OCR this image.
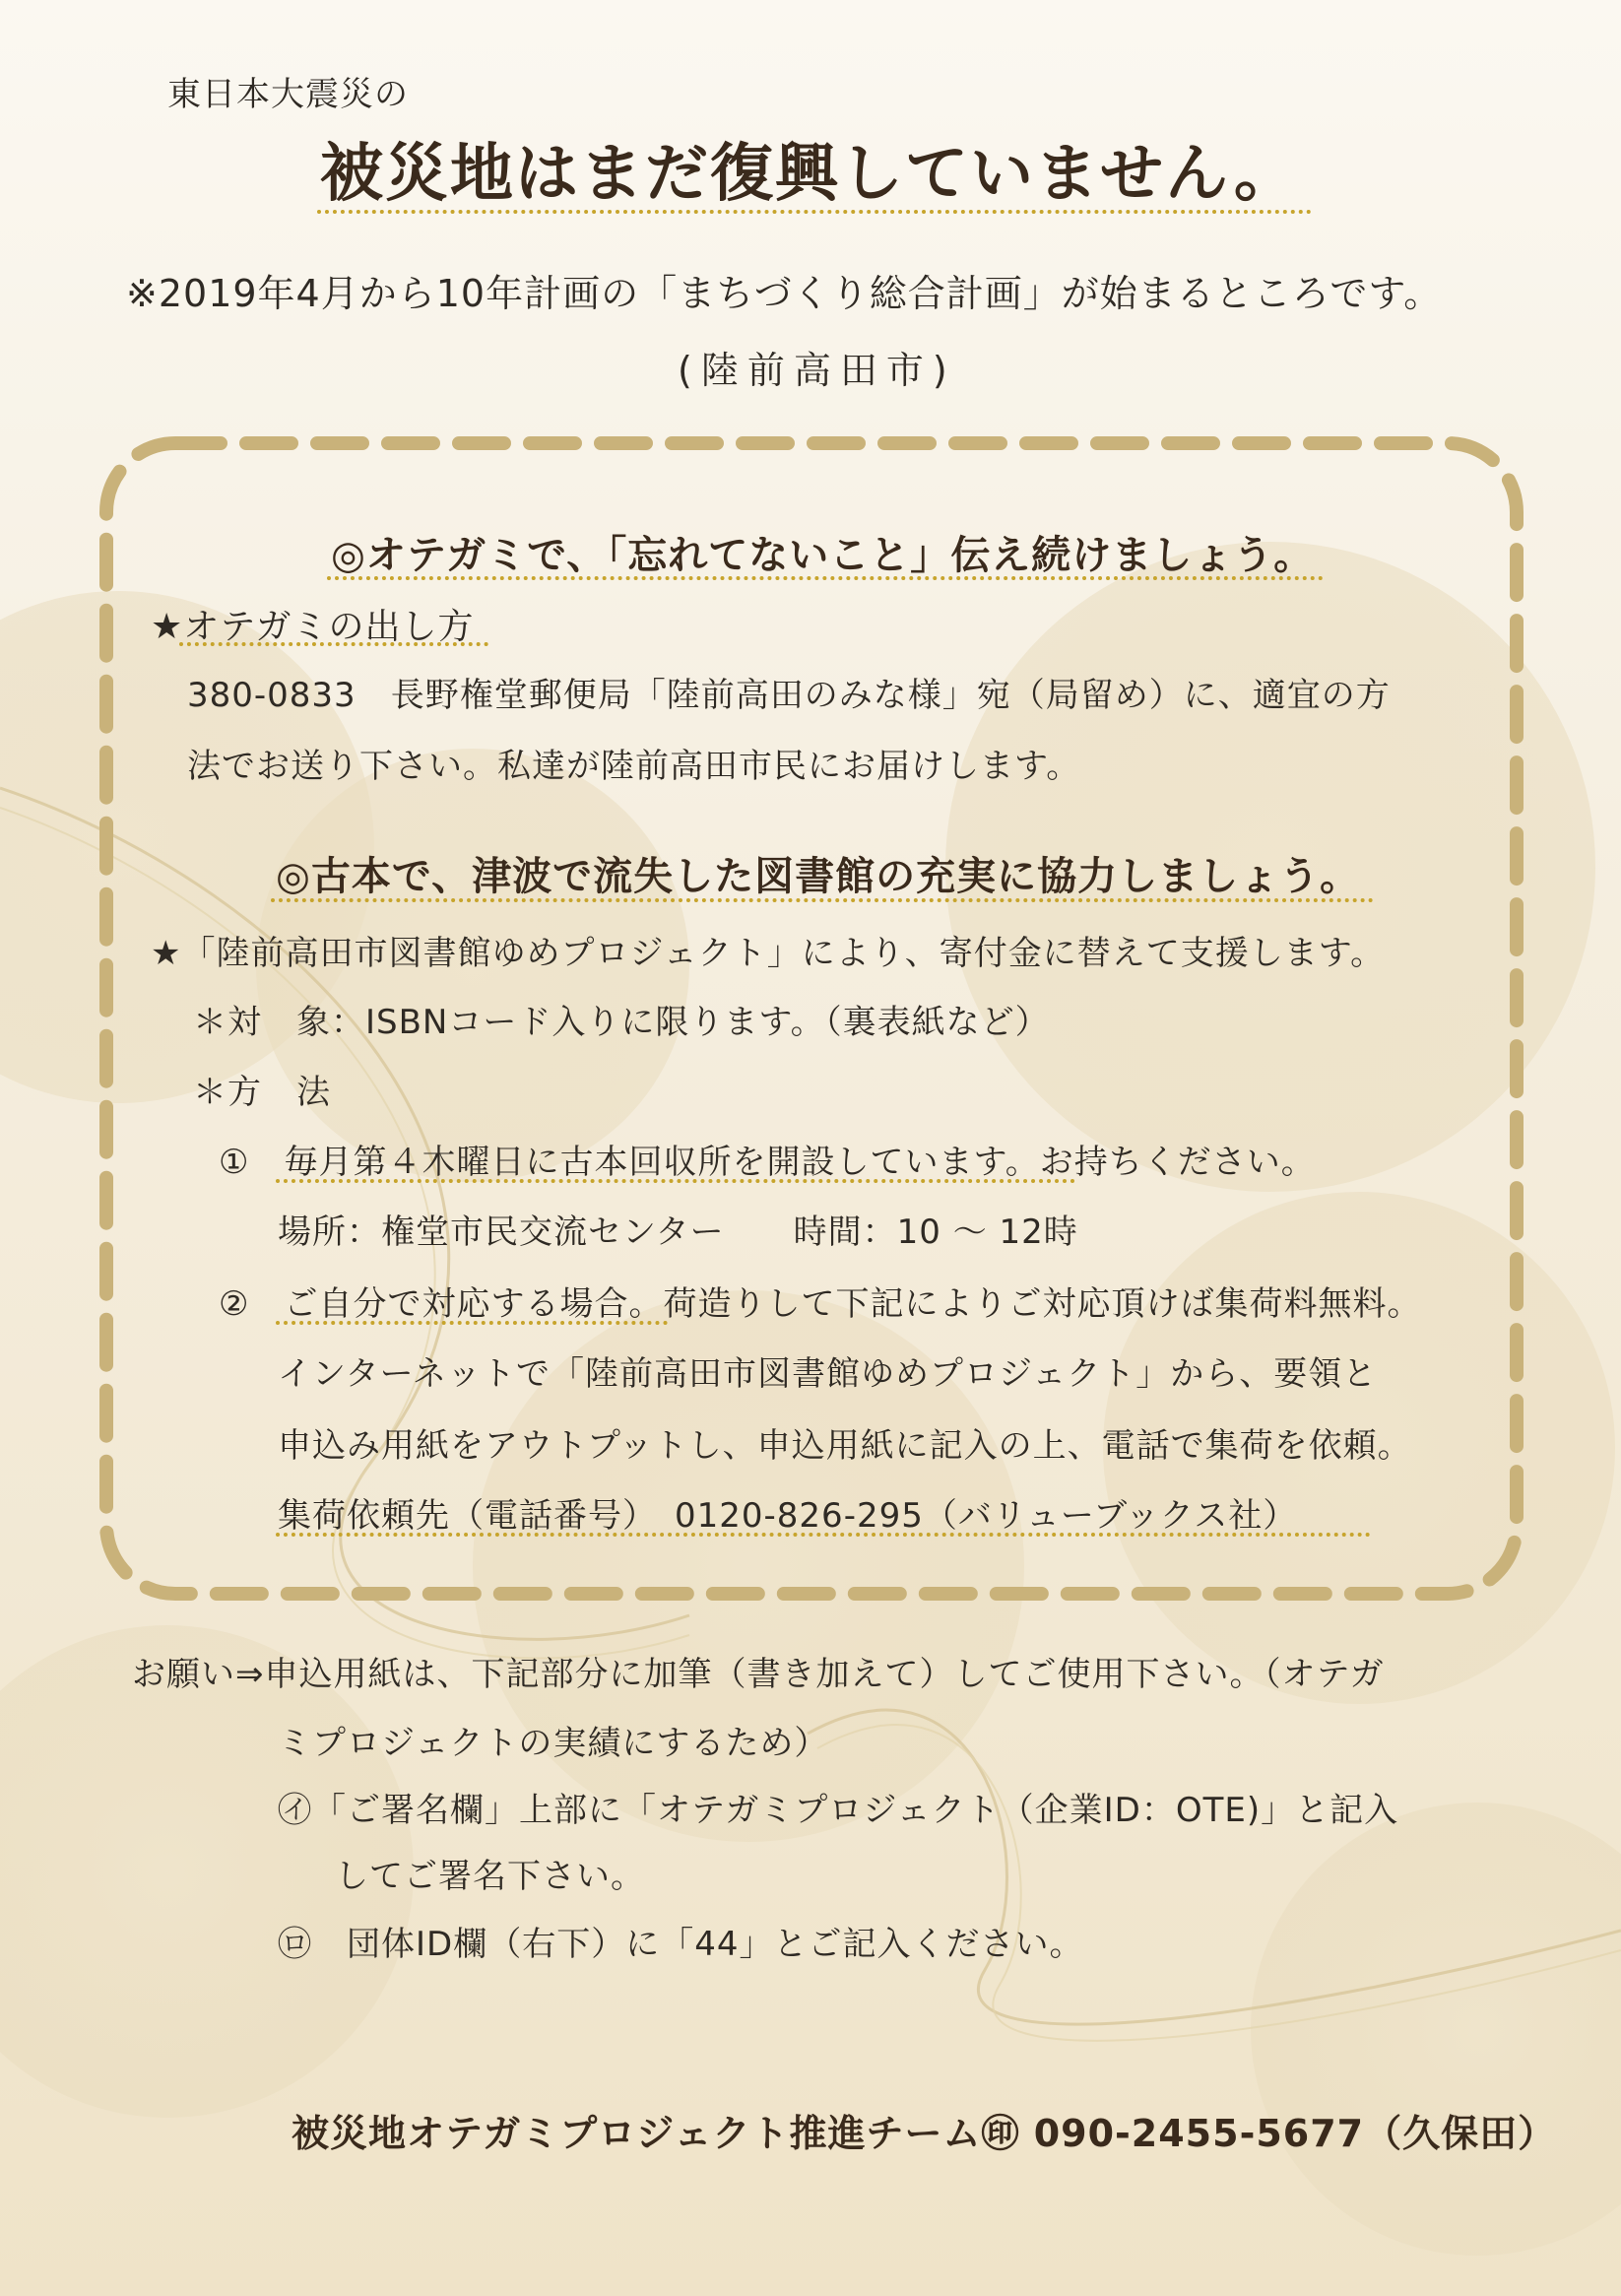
東日本大震災の
被災地はまだ復興していません。
※2019年4月から10年計画の「まちづくり総合計画」が始まるところです。
(陸前高田市)
◎オテガミで、「忘れてないこと」伝え続けましょう。
★オテガミの出し方
380-0833　長野権堂郵便局「陸前高田のみな様」宛（局留め）に、適宜の方
法でお送り下さい。私達が陸前高田市民にお届けします。
◎古本で、津波で流失した図書館の充実に協力しましょう。
★「陸前高田市図書館ゆめプロジェクト」により、寄付金に替えて支援します。
＊対　象：ISBNコード入りに限ります。（裏表紙など）
＊方　法
①　毎月第４木曜日に古本回収所を開設しています。お持ちください。
場所：権堂市民交流センター　　時間：10 ～ 12時
②　ご自分で対応する場合。荷造りして下記によりご対応頂けば集荷料無料。
インターネットで「陸前高田市図書館ゆめプロジェクト」から、要領と
申込み用紙をアウトプットし、申込用紙に記入の上、電話で集荷を依頼。
集荷依頼先（電話番号）　0120-826-295（バリューブックス社）
お願い⇒申込用紙は、下記部分に加筆（書き加えて）してご使用下さい。（オテガ
ミプロジェクトの実績にするため）
㋑「ご署名欄」上部に「オテガミプロジェクト（企業ID：OTE)」と記入
してご署名下さい。
㋺　団体ID欄（右下）に「44」とご記入ください。
被災地オテガミプロジェクト推進チーム㊞ 090-2455-5677（久保田）
